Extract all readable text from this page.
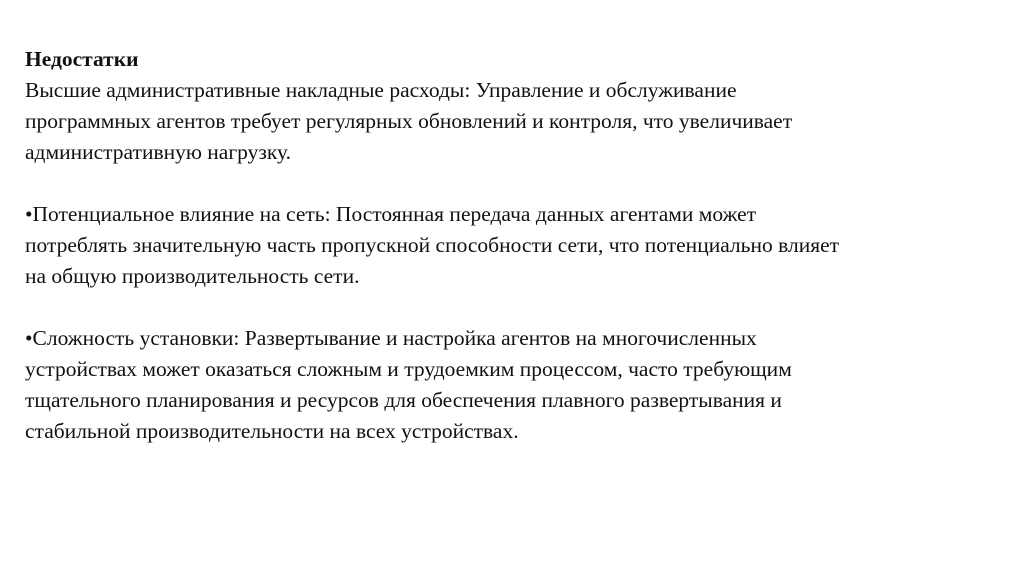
Недостатки
Высшие административные накладные расходы: Управление и обслуживание
программных агентов требует регулярных обновлений и контроля, что увеличивает
административную нагрузку.
•Потенциальное влияние на сеть: Постоянная передача данных агентами может
потреблять значительную часть пропускной способности сети, что потенциально влияет
на общую производительность сети.
•Сложность установки: Развертывание и настройка агентов на многочисленных
устройствах может оказаться сложным и трудоемким процессом, часто требующим
тщательного планирования и ресурсов для обеспечения плавного развертывания и
стабильной производительности на всех устройствах.
